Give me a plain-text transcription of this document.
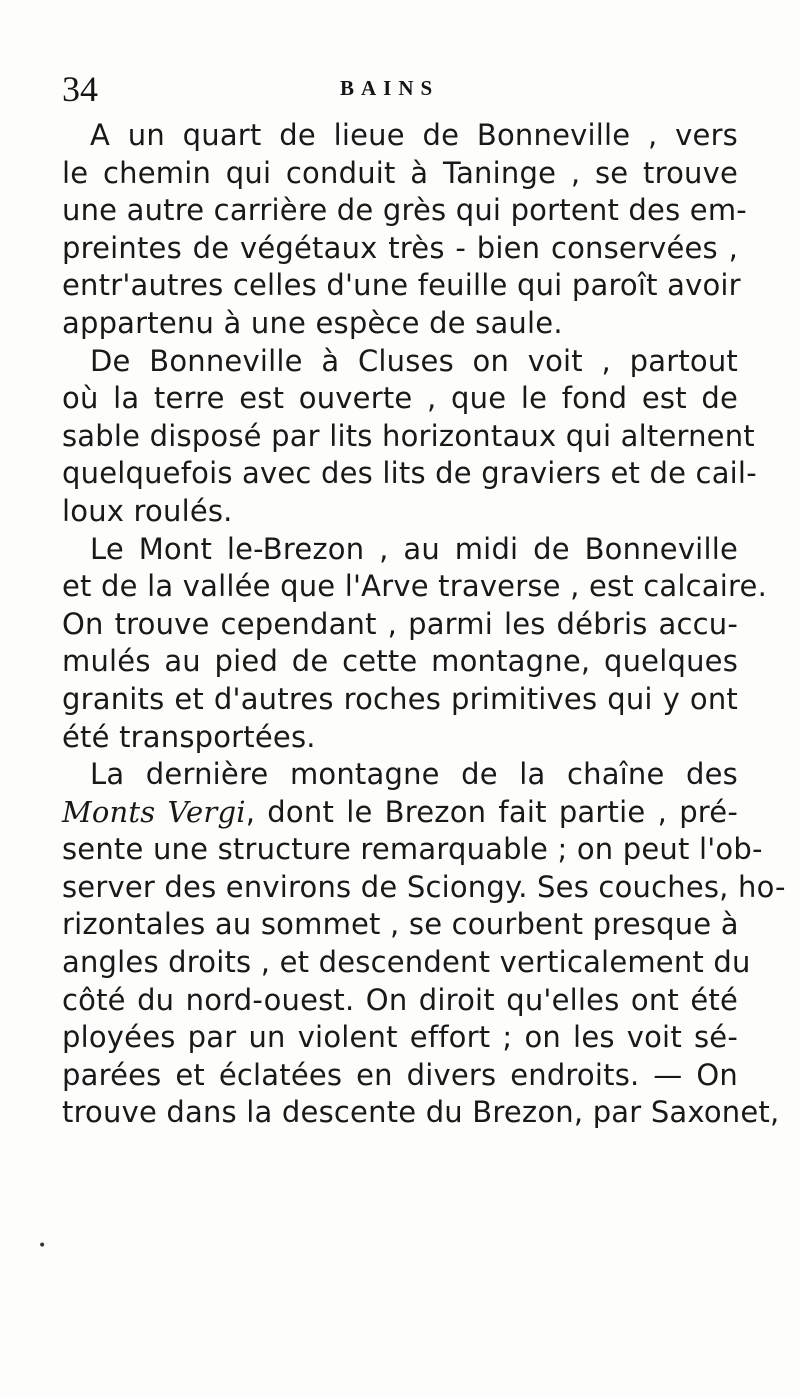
34	BAINS
A un quart de lieue de Bonneville , vers
le chemin qui conduit à Taninge , se trouve
une autre carrière de grès qui portent des em-
preintes de végétaux très - bien conservées ,
entr'autres celles d'une feuille qui paroît avoir
appartenu à une espèce de saule.
De Bonneville à Cluses on voit , partout
où la terre est ouverte , que le fond est de
sable disposé par lits horizontaux qui alternent
quelquefois avec des lits de graviers et de cail-
loux roulés.
Le Mont le-Brezon , au midi de Bonneville
et de la vallée que l'Arve traverse , est calcaire.
On trouve cependant , parmi les débris accu-
mulés au pied de cette montagne, quelques
granits et d'autres roches primitives qui y ont
été transportées.
La dernière montagne de la chaîne des
Monts Vergi, dont le Brezon fait partie , pré-
sente une structure remarquable ; on peut l'ob-
server des environs de Sciongy. Ses couches, ho-
rizontales au sommet , se courbent presque à
angles droits , et descendent verticalement du
côté du nord-ouest. On diroit qu'elles ont été
ployées par un violent effort ; on les voit sé-
parées et éclatées en divers endroits. — On
trouve dans la descente du Brezon, par Saxonet,
•
